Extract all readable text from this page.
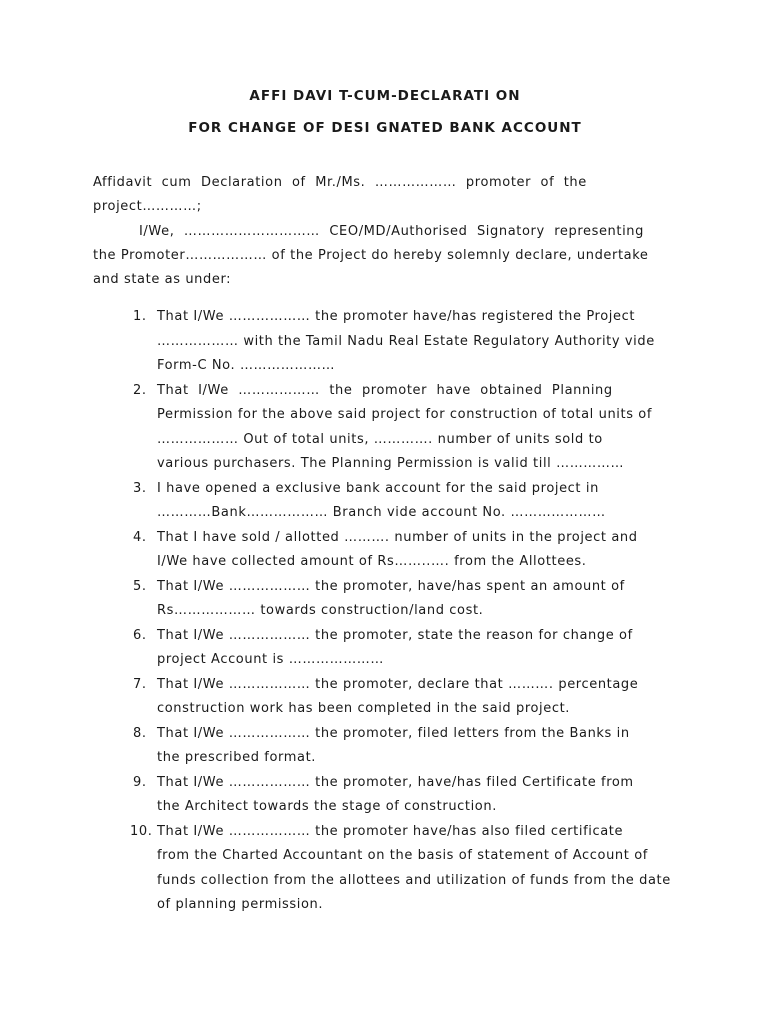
AFFI DAVI T-CUM-DECLARATI ON
FOR CHANGE OF DESI GNATED BANK ACCOUNT
Affidavit  cum  Declaration  of  Mr./Ms.  ………………  promoter  of  the
project…………;
I/We,  …………………………  CEO/MD/Authorised  Signatory  representing
the Promoter……………… of the Project do hereby solemnly declare, undertake
and state as under:
1. That I/We ……………… the promoter have/has registered the Project
……………… with the Tamil Nadu Real Estate Regulatory Authority vide
Form-C No. …………………
2. That  I/We  ………………  the  promoter  have  obtained  Planning
Permission for the above said project for construction of total units of
……………… Out of total units, …………. number of units sold to
various purchasers. The Planning Permission is valid till ……………
3. I have opened a exclusive bank account for the said project in
…………Bank……………… Branch vide account No. …………………
4. That I have sold / allotted ………. number of units in the project and
I/We have collected amount of Rs……..…. from the Allottees.
5. That I/We ……………… the promoter, have/has spent an amount of
Rs……………… towards construction/land cost.
6. That I/We ……………… the promoter, state the reason for change of
project Account is …………………
7. That I/We ……………… the promoter, declare that ………. percentage
construction work has been completed in the said project.
8. That I/We ……………… the promoter, filed letters from the Banks in
the prescribed format.
9. That I/We ……………… the promoter, have/has filed Certificate from
the Architect towards the stage of construction.
10. That I/We ……………… the promoter have/has also filed certificate
from the Charted Accountant on the basis of statement of Account of
funds collection from the allottees and utilization of funds from the date
of planning permission.
